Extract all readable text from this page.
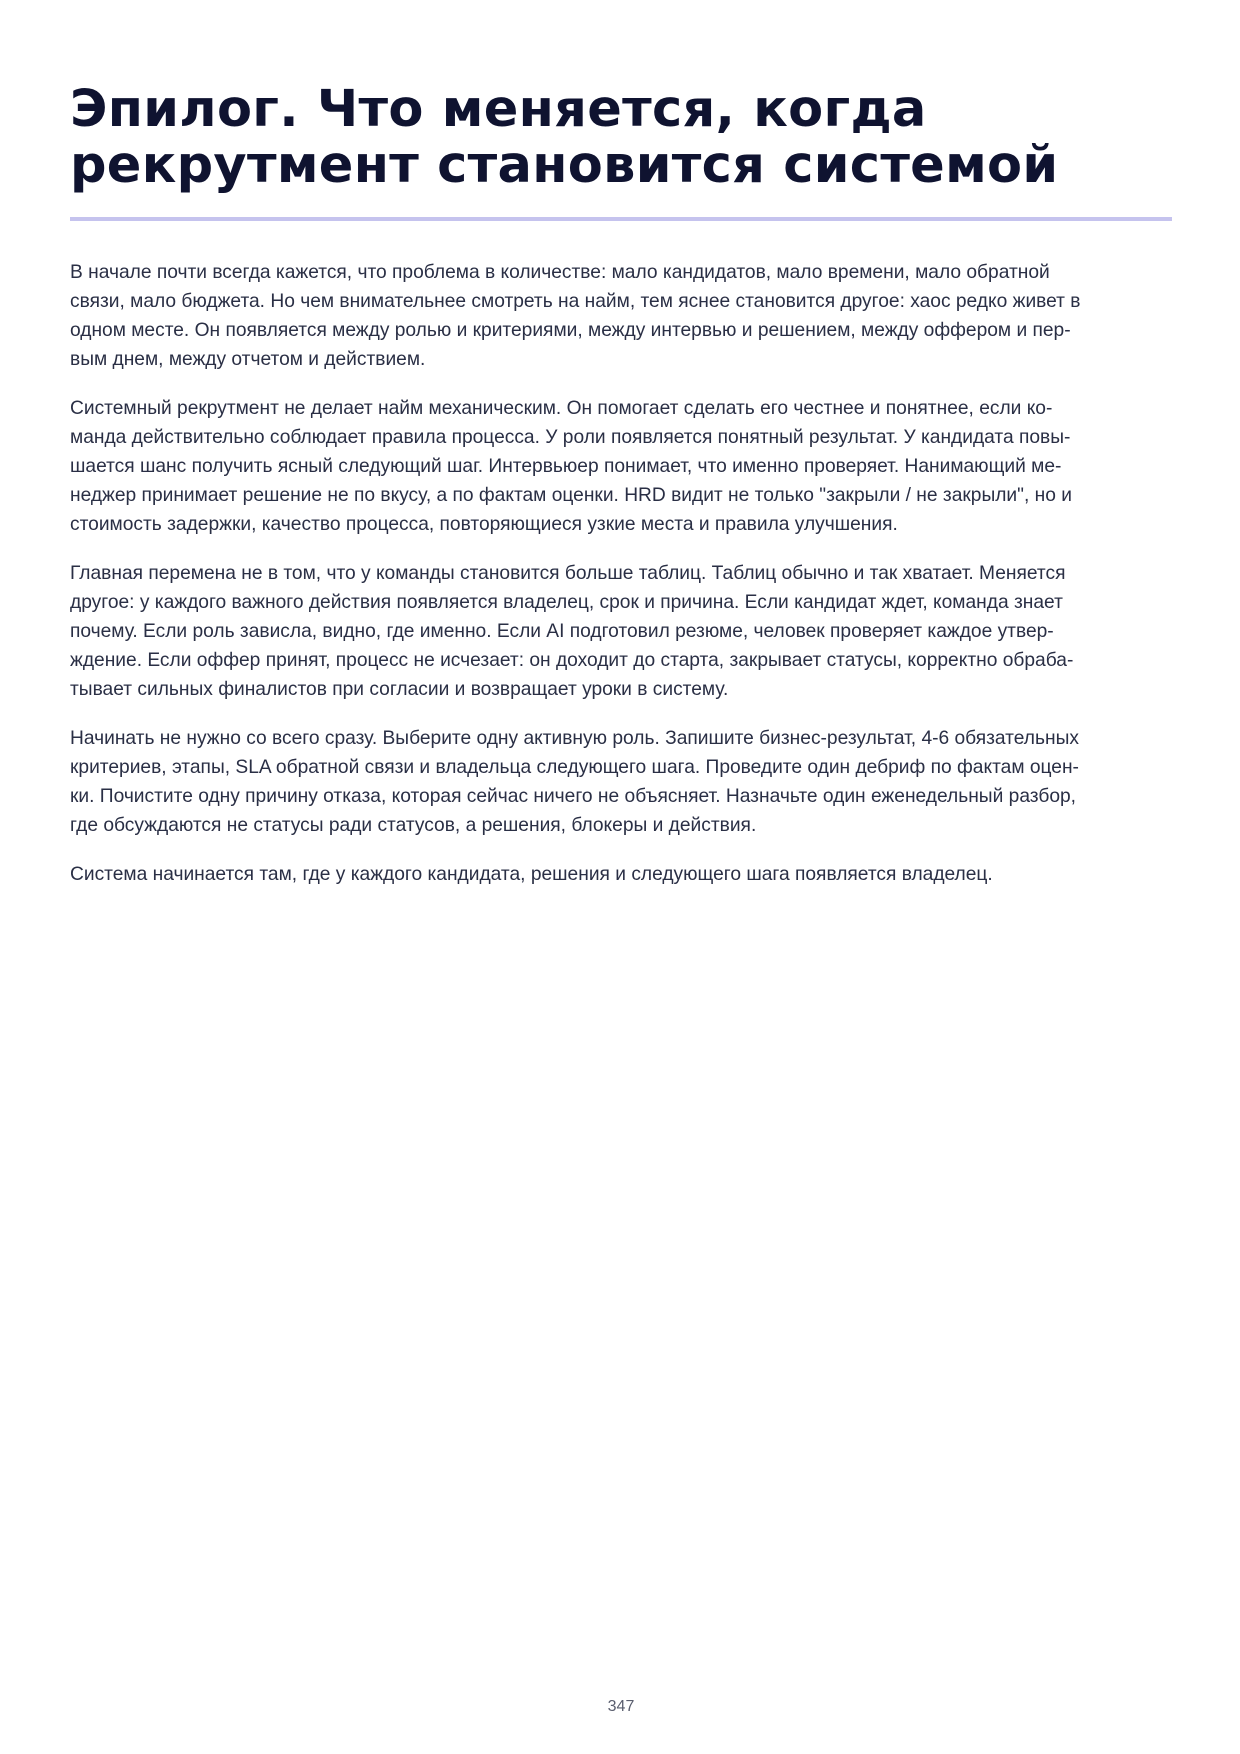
Эпилог. Что меняется, когда
рекрутмент становится системой

В начале почти всегда кажется, что проблема в количестве: мало кандидатов, мало времени, мало обратной
связи, мало бюджета. Но чем внимательнее смотреть на найм, тем яснее становится другое: хаос редко живет в
одном месте. Он появляется между ролью и критериями, между интервью и решением, между оффером и пер-
вым днем, между отчетом и действием.

Системный рекрутмент не делает найм механическим. Он помогает сделать его честнее и понятнее, если ко-
манда действительно соблюдает правила процесса. У роли появляется понятный результат. У кандидата повы-
шается шанс получить ясный следующий шаг. Интервьюер понимает, что именно проверяет. Нанимающий ме-
неджер принимает решение не по вкусу, а по фактам оценки. HRD видит не только "закрыли / не закрыли", но и
стоимость задержки, качество процесса, повторяющиеся узкие места и правила улучшения.

Главная перемена не в том, что у команды становится больше таблиц. Таблиц обычно и так хватает. Меняется
другое: у каждого важного действия появляется владелец, срок и причина. Если кандидат ждет, команда знает
почему. Если роль зависла, видно, где именно. Если AI подготовил резюме, человек проверяет каждое утвер-
ждение. Если оффер принят, процесс не исчезает: он доходит до старта, закрывает статусы, корректно обраба-
тывает сильных финалистов при согласии и возвращает уроки в систему.

Начинать не нужно со всего сразу. Выберите одну активную роль. Запишите бизнес-результат, 4-6 обязательных
критериев, этапы, SLA обратной связи и владельца следующего шага. Проведите один дебриф по фактам оцен-
ки. Почистите одну причину отказа, которая сейчас ничего не объясняет. Назначьте один еженедельный разбор,
где обсуждаются не статусы ради статусов, а решения, блокеры и действия.

Система начинается там, где у каждого кандидата, решения и следующего шага появляется владелец.

347
